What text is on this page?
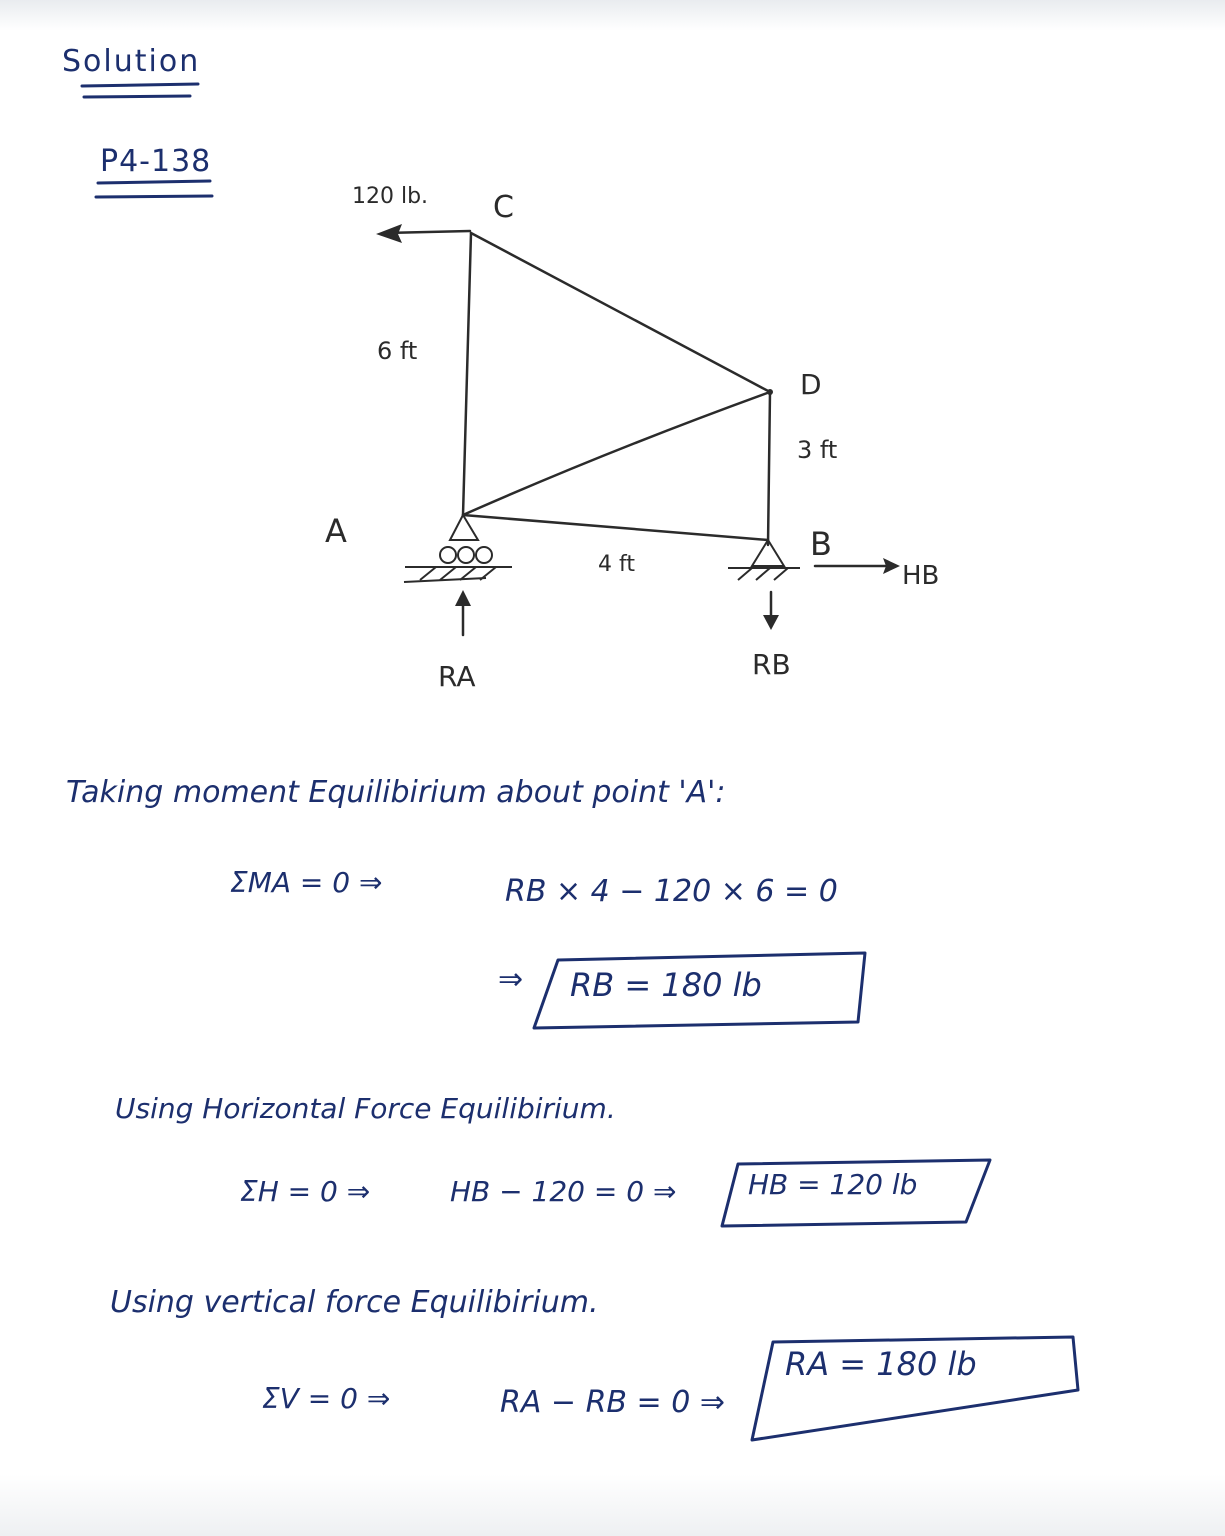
Solution
P4-138
120 lb. C
6 ft
D
3 ft
A	B
4 ft	HB
RA	RB
Taking moment Equilibirium about point 'A':
ΣMA = 0 ⇒	RB × 4 − 120 × 6 = 0
⇒ RB = 180 lb
Using Horizontal Force Equilibirium.
ΣH = 0 ⇒	HB − 120 = 0 ⇒	HB = 120 lb
Using vertical force Equilibirium.
ΣV = 0 ⇒	RA − RB = 0 ⇒
RA = 180 lb
